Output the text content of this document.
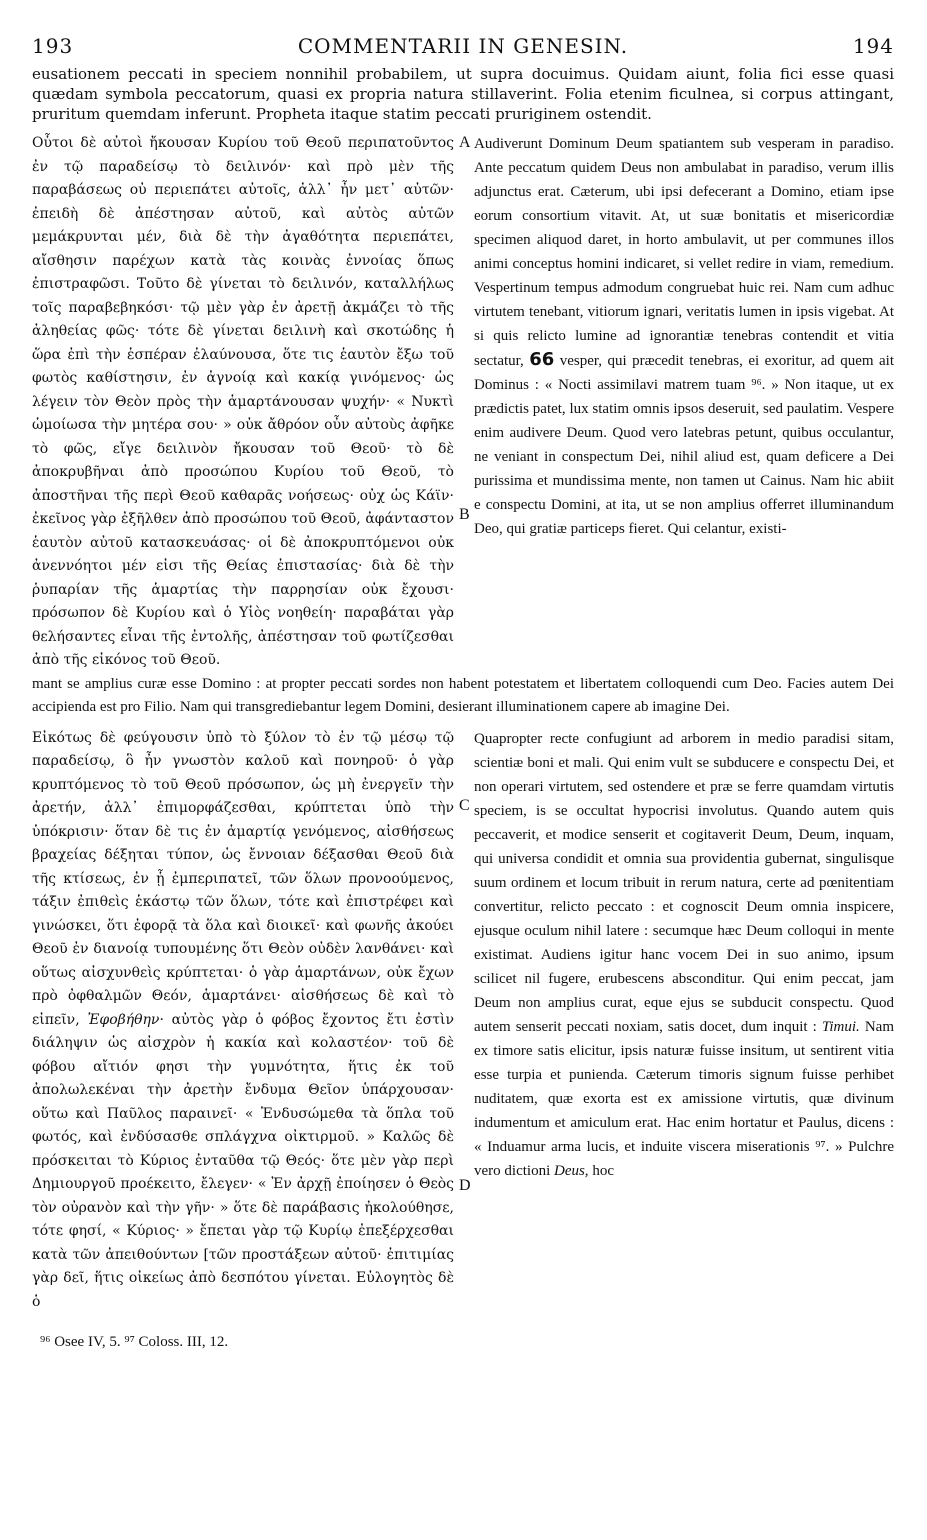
193	COMMENTARII IN GENESIN.	194

eusationem peccati in speciem nonnihil probabilem, ut supra docuimus. Quidam aiunt, folia fici esse quasi quædam symbola peccatorum, quasi ex propria natura stillaverint. Folia etenim ficulnea, si corpus attingant, pruritum quemdam inferunt. Propheta itaque statim peccati pruriginem ostendit.

Οὗτοι δὲ αὐτοὶ ἤκουσαν Κυρίου τοῦ Θεοῦ περιπατοῦντος ἐν τῷ παραδείσῳ τὸ δειλινόν· καὶ πρὸ μὲν τῆς παραβάσεως οὐ περιεπάτει αὐτοῖς, ἀλλ᾽ ἦν μετ᾽ αὐτῶν· ἐπειδὴ δὲ ἀπέστησαν αὐτοῦ, καὶ αὐτὸς αὐτῶν μεμάκρυνται μέν, διὰ δὲ τὴν ἀγαθότητα περιεπάτει, αἴσθησιν παρέχων κατὰ τὰς κοινὰς ἐννοίας ὅπως ἐπιστραφῶσι. Τοῦτο δὲ γίνεται τὸ δειλινόν, καταλλήλως τοῖς παραβεβηκόσι· τῷ μὲν γὰρ ἐν ἀρετῇ ἀκμάζει τὸ τῆς ἀληθείας φῶς· τότε δὲ γίνεται δειλινὴ καὶ σκοτώδης ἡ ὥρα ἐπὶ τὴν ἑσπέραν ἐλαύνουσα, ὅτε τις ἑαυτὸν ἔξω τοῦ φωτὸς καθίστησιν, ἐν ἀγνοίᾳ καὶ κακίᾳ γινόμενος· ὡς λέγειν τὸν Θεὸν πρὸς τὴν ἁμαρτάνουσαν ψυχήν· « Νυκτὶ ὡμοίωσα τὴν μητέρα σου· » οὐκ ἄθρόον οὖν αὐτοὺς ἀφῆκε τὸ φῶς, εἴγε δειλινὸν ἤκουσαν τοῦ Θεοῦ· τὸ δὲ ἀποκρυβῆναι ἀπὸ προσώπου Κυρίου τοῦ Θεοῦ, τὸ ἀποστῆναι τῆς περὶ Θεοῦ καθαρᾶς νοήσεως· οὐχ ὡς Κάϊν· ἐκεῖνος γὰρ ἐξῆλθεν ἀπὸ προσώπου τοῦ Θεοῦ, ἀφάνταστον ἑαυτὸν αὐτοῦ κατασκευάσας· οἱ δὲ ἀποκρυπτόμενοι οὐκ ἀνεννόητοι μέν εἰσι τῆς Θείας ἐπιστασίας· διὰ δὲ τὴν ῥυπαρίαν τῆς ἁμαρτίας τὴν παρρησίαν οὐκ ἔχουσι· πρόσωπον δὲ Κυρίου καὶ ὁ Υἱὸς νοηθείη· παραβάται γὰρ θελήσαντες εἶναι τῆς ἐντολῆς, ἀπέστησαν τοῦ φωτίζεσθαι ἀπὸ τῆς εἰκόνος τοῦ Θεοῦ.

Audiverunt Dominum Deum spatiantem sub vesperam in paradiso. Ante peccatum quidem Deus non ambulabat in paradiso, verum illis adjunctus erat. Cæterum, ubi ipsi defecerant a Domino, etiam ipse eorum consortium vitavit. At, ut suæ bonitatis et misericordiæ specimen aliquod daret, in horto ambulavit, ut per communes illos animi conceptus homini indicaret, si vellet redire in viam, remedium. Vespertinum tempus admodum congruebat huic rei. Nam cum adhuc virtutem tenebant, vitiorum ignari, veritatis lumen in ipsis vigebat. At si quis relicto lumine ad ignorantiæ tenebras contendit et vitia sectatur, 66 vesper, qui præcedit tenebras, ei exoritur, ad quem ait Dominus : « Nocti assimilavi matrem tuam ⁹⁶. » Non itaque, ut ex prædictis patet, lux statim omnis ipsos deseruit, sed paulatim. Vespere enim audivere Deum. Quod vero latebras petunt, quibus occulantur, ne veniant in conspectum Dei, nihil aliud est, quam deficere a Dei purissima et mundissima mente, non tamen ut Cainus. Nam hic abiit e conspectu Domini, at ita, ut se non amplius offerret illuminandum Deo, qui gratiæ particeps fieret. Qui celantur, existi-

A
B

mant se amplius curæ esse Domino : at propter peccati sordes non habent potestatem et libertatem colloquendi cum Deo. Facies autem Dei accipienda est pro Filio. Nam qui transgrediebantur legem Domini, desierant illuminationem capere ab imagine Dei.

Εἰκότως δὲ φεύγουσιν ὑπὸ τὸ ξύλον τὸ ἐν τῷ μέσῳ τῷ παραδείσῳ, ὃ ἦν γνωστὸν καλοῦ καὶ πονηροῦ· ὁ γὰρ κρυπτόμενος τὸ τοῦ Θεοῦ πρόσωπον, ὡς μὴ ἐνεργεῖν τὴν ἀρετήν, ἀλλ᾽ ἐπιμορφάζεσθαι, κρύπτεται ὑπὸ τὴν ὑπόκρισιν· ὅταν δὲ τις ἐν ἁμαρτίᾳ γενόμενος, αἰσθήσεως βραχείας δέξηται τύπον, ὡς ἔννοιαν δέξασθαι Θεοῦ διὰ τῆς κτίσεως, ἐν ᾗ ἐμπεριπατεῖ, τῶν ὅλων προνοούμενος, τάξιν ἐπιθεὶς ἑκάστῳ τῶν ὅλων, τότε καὶ ἐπιστρέφει καὶ γινώσκει, ὅτι ἐφορᾷ τὰ ὅλα καὶ διοικεῖ· καὶ φωνῆς ἀκούει Θεοῦ ἐν διανοίᾳ τυπουμένης ὅτι Θεὸν οὐδὲν λανθάνει· καὶ οὕτως αἰσχυνθεὶς κρύπτεται· ὁ γὰρ ἁμαρτάνων, οὐκ ἔχων πρὸ ὀφθαλμῶν Θεόν, ἁμαρτάνει· αἰσθήσεως δὲ καὶ τὸ εἰπεῖν, Ἐφοβήθην· αὐτὸς γὰρ ὁ φόβος ἔχοντος ἔτι ἐστὶν διάληψιν ὡς αἰσχρὸν ἡ κακία καὶ κολαστέον· τοῦ δὲ φόβου αἴτιόν φησι τὴν γυμνότητα, ἥτις ἐκ τοῦ ἀπολωλεκέναι τὴν ἀρετὴν ἔνδυμα Θεῖον ὑπάρχουσαν· οὕτω καὶ Παῦλος παραινεῖ· « Ἐνδυσώμεθα τὰ ὅπλα τοῦ φωτός, καὶ ἐνδύσασθε σπλάγχνα οἰκτιρμοῦ. » Καλῶς δὲ πρόσκειται τὸ Κύριος ἐνταῦθα τῷ Θεός· ὅτε μὲν γὰρ περὶ Δημιουργοῦ προέκειτο, ἔλεγεν· « Ἐν ἀρχῇ ἐποίησεν ὁ Θεὸς τὸν οὐρανὸν καὶ τὴν γῆν· » ὅτε δὲ παράβασις ἠκολούθησε, τότε φησί, « Κύριος· » ἔπεται γὰρ τῷ Κυρίῳ ἐπεξέρχεσθαι κατὰ τῶν ἀπειθούντων [τῶν προστάξεων αὐτοῦ· ἐπιτιμίας γὰρ δεῖ, ἥτις οἰκείως ἀπὸ δεσπότου γίνεται. Εὐλογητὸς δὲ ὁ

Quapropter recte confugiunt ad arborem in medio paradisi sitam, scientiæ boni et mali. Qui enim vult se subducere e conspectu Dei, et non operari virtutem, sed ostendere et præ se ferre quamdam virtutis speciem, is se occultat hypocrisi involutus. Quando autem quis peccaverit, et modice senserit et cogitaverit Deum, Deum, inquam, qui universa condidit et omnia sua providentia gubernat, singulisque suum ordinem et locum tribuit in rerum natura, certe ad pœnitentiam convertitur, relicto peccato : et cognoscit Deum omnia inspicere, ejusque oculum nihil latere : secumque hæc Deum colloqui in mente existimat. Audiens igitur hanc vocem Dei in suo animo, ipsum scilicet nil fugere, erubescens absconditur. Qui enim peccat, jam Deum non amplius curat, eque ejus se subducit conspectu. Quod autem senserit peccati noxiam, satis docet, dum inquit : Timui. Nam ex timore satis elicitur, ipsis naturæ fuisse insitum, ut sentirent vitia esse turpia et punienda. Cæterum timoris signum fuisse perhibet nuditatem, quæ exorta est ex amissione virtutis, quæ divinum indumentum et amiculum erat. Hac enim hortatur et Paulus, dicens : « Induamur arma lucis, et induite viscera miserationis ⁹⁷. » Pulchre vero dictioni Deus, hoc

C
D
⁹⁶ Osee IV, 5. ⁹⁷ Coloss. III, 12.
